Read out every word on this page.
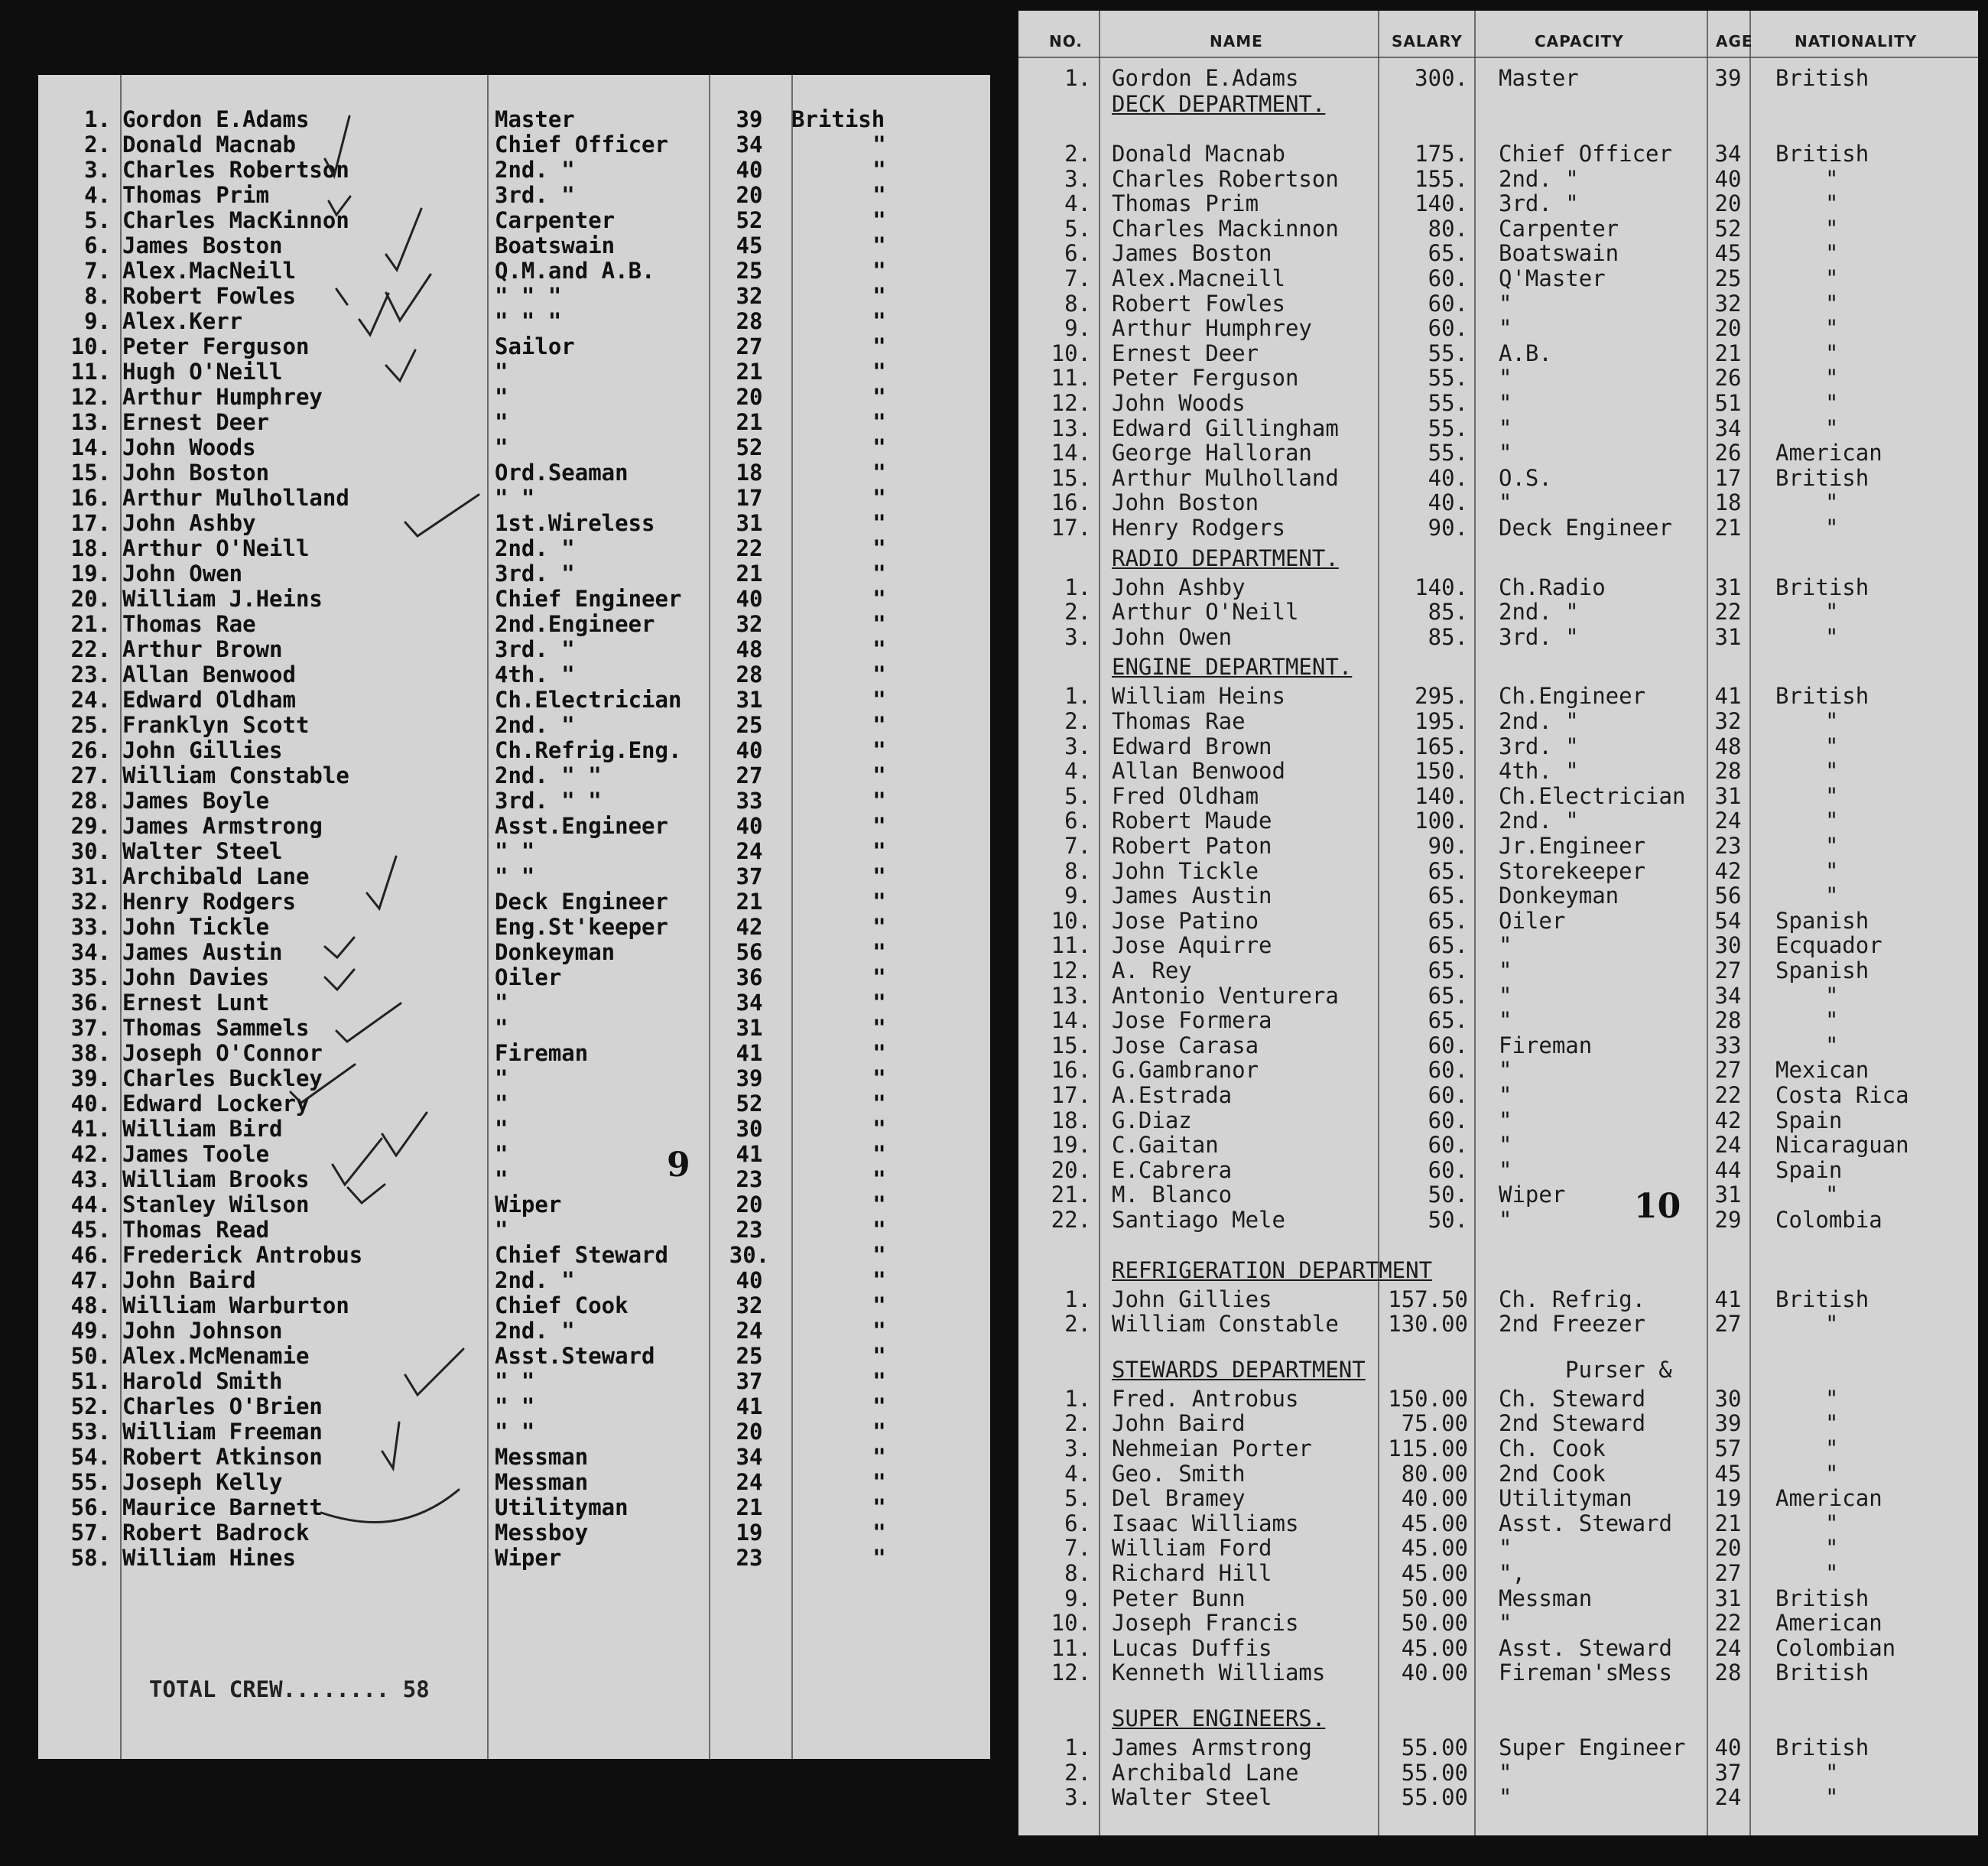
1. Gordon E.Adams	Master	39	British
2. Donald Macnab	Chief Officer	34	"
3. Charles Robertson	2nd. "	40	"
4. Thomas Prim	3rd. "	20	"
5. Charles MacKinnon	Carpenter	52	"
6. James Boston	Boatswain	45	"
7. Alex.MacNeill	Q.M.and A.B.	25	"
8. Robert Fowles	" " "	32	"
9. Alex.Kerr	" " "	28	"
10. Peter Ferguson	Sailor	27	"
11. Hugh O'Neill	"	21	"
12. Arthur Humphrey	"	20	"
13. Ernest Deer	"	21	"
14. John Woods	"	52	"
15. John Boston	Ord.Seaman	18	"
16. Arthur Mulholland	" "	17	"
17. John Ashby	1st.Wireless	31	"
18. Arthur O'Neill	2nd. "	22	"
19. John Owen	3rd. "	21	"
20. William J.Heins	Chief Engineer	40	"
21. Thomas Rae	2nd.Engineer	32	"
22. Arthur Brown	3rd. "	48	"
23. Allan Benwood	4th. "	28	"
24. Edward Oldham	Ch.Electrician	31	"
25. Franklyn Scott	2nd. "	25	"
26. John Gillies	Ch.Refrig.Eng.	40	"
27. William Constable	2nd. " "	27	"
28. James Boyle	3rd. " "	33	"
29. James Armstrong	Asst.Engineer	40	"
30. Walter Steel	" "	24	"
31. Archibald Lane	" "	37	"
32. Henry Rodgers	Deck Engineer	21	"
33. John Tickle	Eng.St'keeper	42	"
34. James Austin	Donkeyman	56	"
35. John Davies	Oiler	36	"
36. Ernest Lunt	"	34	"
37. Thomas Sammels	"	31	"
38. Joseph O'Connor	Fireman	41	"
39. Charles Buckley	"	39	"
40. Edward Lockery	"	52	"
41. William Bird	"	30	"
42. James Toole	"	41	"
43. William Brooks	"	23	"
44. Stanley Wilson	Wiper	20	"
45. Thomas Read	"	23	"
46. Frederick Antrobus	Chief Steward	30.	"
47. John Baird	2nd. "	40	"
48. William Warburton	Chief Cook	32	"
49. John Johnson	2nd. "	24	"
50. Alex.McMenamie	Asst.Steward	25	"
51. Harold Smith	" "	37	"
52. Charles O'Brien	" "	41	"
53. William Freeman	" "	20	"
54. Robert Atkinson	Messman	34	"
55. Joseph Kelly	Messman	24	"
56. Maurice Barnett	Utilityman	21	"
57. Robert Badrock	Messboy	19	"
58. William Hines	Wiper	23	"
9
TOTAL CREW........ 58
NO.	NAME	SALARY	CAPACITY	AGE	NATIONALITY
1. Gordon E.Adams	300. Master	39	British
DECK DEPARTMENT.
2. Donald Macnab	175. Chief Officer	34	British
3. Charles Robertson	155. 2nd. "	40	"
4. Thomas Prim	140. 3rd. "	20	"
5. Charles Mackinnon	80. Carpenter	52	"
6. James Boston	65. Boatswain	45	"
7. Alex.Macneill	60. Q'Master	25	"
8. Robert Fowles	60. "	32	"
9. Arthur Humphrey	60. "	20	"
10. Ernest Deer	55. A.B.	21	"
11. Peter Ferguson	55. "	26	"
12. John Woods	55. "	51	"
13. Edward Gillingham	55. "	34	"
14. George Halloran	55. "	26	American
15. Arthur Mulholland	40. O.S.	17	British
16. John Boston	40. "	18	"
17. Henry Rodgers	90. Deck Engineer	21	"
RADIO DEPARTMENT.
1. John Ashby	140. Ch.Radio	31	British
2. Arthur O'Neill	85. 2nd. "	22	"
3. John Owen	85. 3rd. "	31	"
ENGINE DEPARTMENT.
1. William Heins	295. Ch.Engineer	41	British
2. Thomas Rae	195. 2nd. "	32	"
3. Edward Brown	165. 3rd. "	48	"
4. Allan Benwood	150. 4th. "	28	"
5. Fred Oldham	140. Ch.Electrician	31	"
6. Robert Maude	100. 2nd. "	24	"
7. Robert Paton	90. Jr.Engineer	23	"
8. John Tickle	65. Storekeeper	42	"
9. James Austin	65. Donkeyman	56	"
10. Jose Patino	65. Oiler	54	Spanish
11. Jose Aquirre	65. "	30	Ecquador
12. A. Rey	65. "	27	Spanish
13. Antonio Venturera	65. "	34	"
14. Jose Formera	65. "	28	"
15. Jose Carasa	60. Fireman	33	"
16. G.Gambranor	60. "	27	Mexican
17. A.Estrada	60. "	22	Costa Rica
18. G.Diaz	60. "	42	Spain
19. C.Gaitan	60. "	24	Nicaraguan
20. E.Cabrera	60. "	44	Spain
21. M. Blanco	50. Wiper	31	"
22. Santiago Mele	50. "	29	Colombia
REFRIGERATION DEPARTMENT
1. John Gillies	157.50 Ch. Refrig.	41	British
2. William Constable	130.00 2nd Freezer	27	"
STEWARDS DEPARTMENT	Purser &
1. Fred. Antrobus	150.00 Ch. Steward	30	"
2. John Baird	75.00 2nd Steward	39	"
3. Nehmeian Porter	115.00 Ch. Cook	57	"
4. Geo. Smith	80.00 2nd Cook	45	"
5. Del Bramey	40.00 Utilityman	19	American
6. Isaac Williams	45.00 Asst. Steward	21	"
7. William Ford	45.00 "	20	"
8. Richard Hill	45.00 ",	27	"
9. Peter Bunn	50.00 Messman	31	British
10. Joseph Francis	50.00 "	22	American
11. Lucas Duffis	45.00 Asst. Steward	24	Colombian
12. Kenneth Williams	40.00 Fireman'sMess	28	British
SUPER ENGINEERS.
1. James Armstrong	55.00 Super Engineer	40	British
2. Archibald Lane	55.00 "	37	"
3. Walter Steel	55.00 "	24	"
10
